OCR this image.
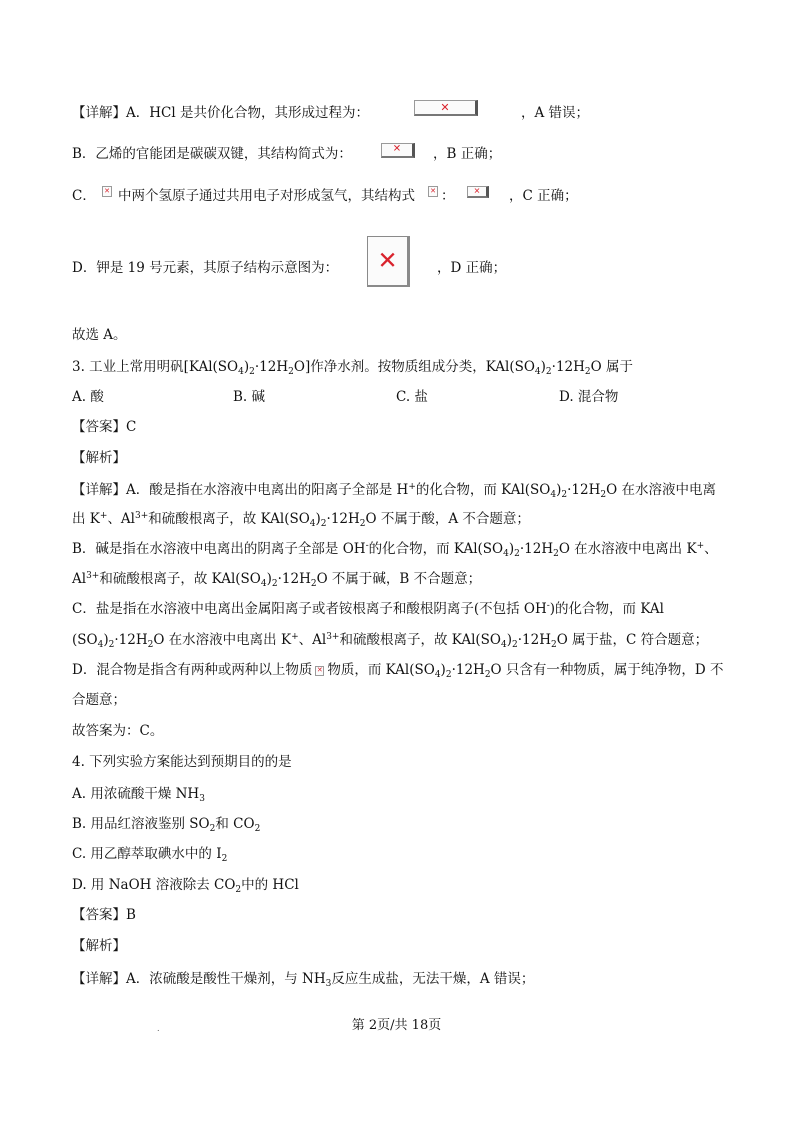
【详解】A．HCl 是共价化合物，其形成过程为：	✕	，A 错误；
B．乙烯的官能团是碳碳双键，其结构简式为：	✕ ，B 正确；
C． ✕ 中两个氢原子通过共用电子对形成氢气，其结构式 ✕ ： ✕ ，C 正确；
D．钾是 19 号元素，其原子结构示意图为： ✕	，D 正确；
故选 A。
3. 工业上常用明矾$[KAl(SO_4)_2\cdot 12H_2O]$作净水剂。按物质组成分类，$KAl(SO_4)_2\cdot 12H_2O$ 属于
A. 酸	B. 碱	C. 盐	D. 混合物
【答案】C
【解析】
【详解】A．酸是指在水溶液中电离出的阳离子全部是 H+的化合物，而 $KAl(SO_4)_2\cdot 12H_2O$ 在水溶液中电离
出 K+、$Al^{3+}$和硫酸根离子，故 $KAl(SO_4)_2\cdot 12H_2O$ 不属于酸，A 不合题意；
B．碱是指在水溶液中电离出的阴离子全部是 OH-的化合物，而 $KAl(SO_4)_2\cdot 12H_2O$ 在水溶液中电离出 K+、
$Al^{3+}$和硫酸根离子，故 $KAl(SO_4)_2\cdot 12H_2O$ 不属于碱，B 不合题意；
C．盐是指在水溶液中电离出金属阳离子或者铵根离子和酸根阴离子(不包括 OH-)的化合物，而 KAl
$(SO_4)_2\cdot 12H_2O$ 在水溶液中电离出 K+、$Al^{3+}$和硫酸根离子，故 $KAl(SO_4)_2\cdot 12H_2O$ 属于盐，C 符合题意；
D．混合物是指含有两种或两种以上物质 ✕ 物质，而 $KAl(SO_4)_2\cdot 12H_2O$ 只含有一种物质，属于纯净物，D 不
合题意；
故答案为：C。
4. 下列实验方案能达到预期目的的是
A. 用浓硫酸干燥 $NH_3$
B. 用品红溶液鉴别 $SO_2$和 $CO_2$
C. 用乙醇萃取碘水中的 $I_2$
D. 用 NaOH 溶液除去 $CO_2$中的 HCl
【答案】B
【解析】
【详解】A．浓硫酸是酸性干燥剂，与 $NH_3$反应生成盐，无法干燥，A 错误；
.	第 2页/共 18页
